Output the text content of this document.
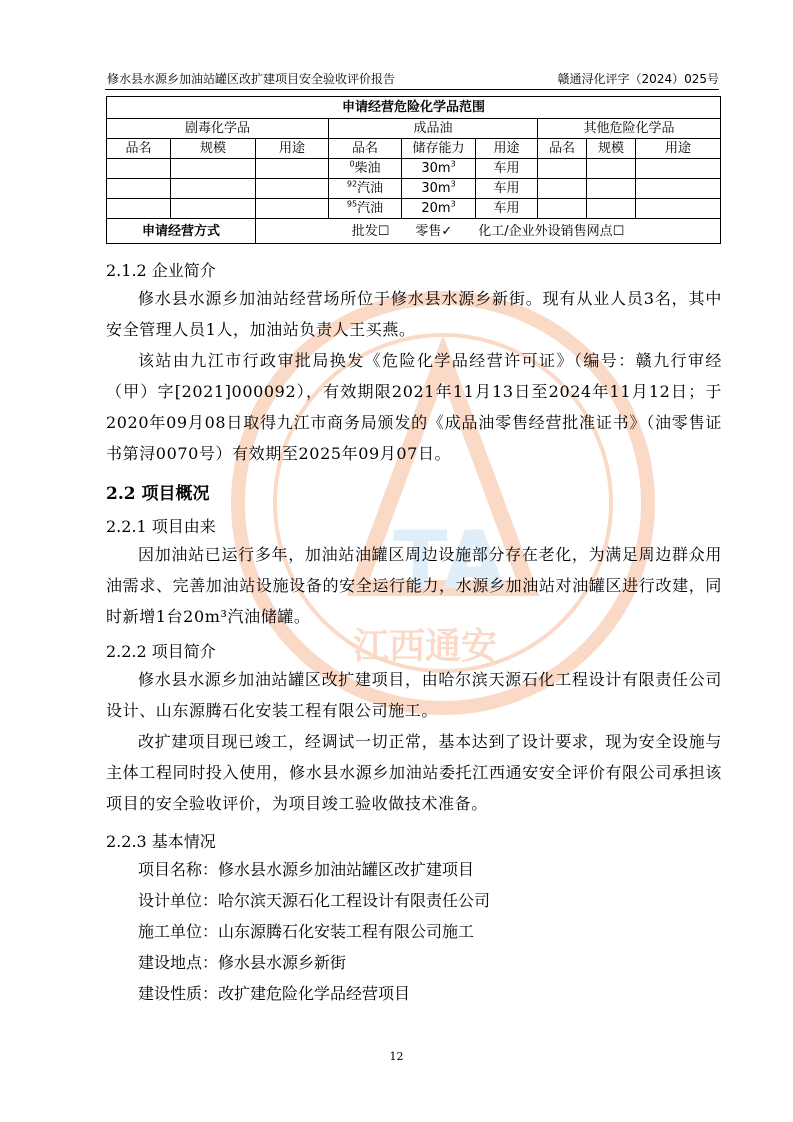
修水县水源乡加油站罐区改扩建项目安全验收评价报告	赣通浔化评字（2024）025号
申请经营危险化学品范围								
剧毒化学品			成品油			其他危险化学品		
品名	规模	用途	品名	储存能力	用途	品名	规模	用途
			$^0$柴油	$30m^3$	车用			
			$^{92}$汽油	$30m^3$	车用			
			$^{95}$汽油	$20m^3$	车用			
申请经营方式		批发☐　　零售✓　　化工/企业外设销售网点☐						
T
A
江西通安
2.1.2 企业简介
修水县水源乡加油站经营场所位于修水县水源乡新街。现有从业人员3名，其中安全管理人员1人，加油站负责人王买燕。
该站由九江市行政审批局换发《危险化学品经营许可证》（编号：赣九行审经（甲）字[2021]000092），有效期限2021年11月13日至2024年11月12日；于2020年09月08日取得九江市商务局颁发的《成品油零售经营批准证书》（油零售证书第浔0070号）有效期至2025年09月07日。
2.2 项目概况
2.2.1 项目由来
因加油站已运行多年，加油站油罐区周边设施部分存在老化，为满足周边群众用油需求、完善加油站设施设备的安全运行能力，水源乡加油站对油罐区进行改建，同时新增1台20m³汽油储罐。
2.2.2 项目简介
修水县水源乡加油站罐区改扩建项目，由哈尔滨天源石化工程设计有限责任公司设计、山东源腾石化安装工程有限公司施工。
改扩建项目现已竣工，经调试一切正常，基本达到了设计要求，现为安全设施与主体工程同时投入使用，修水县水源乡加油站委托江西通安安全评价有限公司承担该项目的安全验收评价，为项目竣工验收做技术准备。
2.2.3 基本情况
项目名称：修水县水源乡加油站罐区改扩建项目
设计单位：哈尔滨天源石化工程设计有限责任公司
施工单位：山东源腾石化安装工程有限公司施工
建设地点：修水县水源乡新街
建设性质：改扩建危险化学品经营项目
12
